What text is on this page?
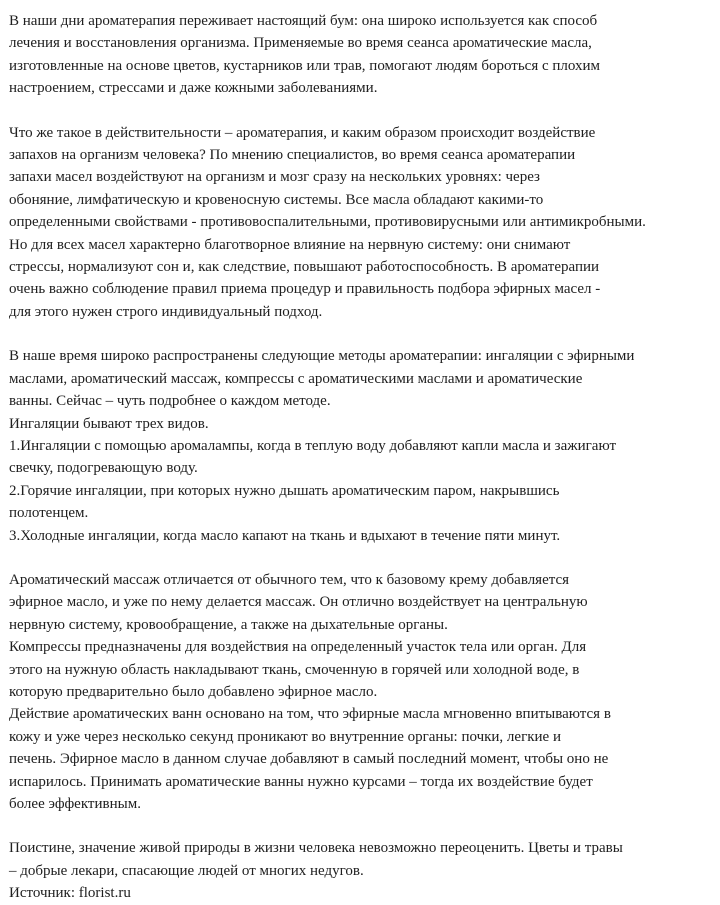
В наши дни ароматерапия переживает настоящий бум: она широко используется как способ
лечения и восстановления организма. Применяемые во время сеанса ароматические масла,
изготовленные на основе цветов, кустарников или трав, помогают людям бороться с плохим
настроением, стрессами и даже кожными заболеваниями.

Что же такое в действительности – ароматерапия, и каким образом происходит воздействие
запахов на организм человека? По мнению специалистов, во время сеанса ароматерапии
запахи масел воздействуют на организм и мозг сразу на нескольких уровнях: через
обоняние, лимфатическую и кровеносную системы. Все масла обладают какими-то
определенными свойствами - противовоспалительными, противовирусными или антимикробными.
Но для всех масел характерно благотворное влияние на нервную систему: они снимают
стрессы, нормализуют сон и, как следствие, повышают работоспособность. В ароматерапии
очень важно соблюдение правил приема процедур и правильность подбора эфирных масел -
для этого нужен строго индивидуальный подход.

В наше время широко распространены следующие методы ароматерапии: ингаляции с эфирными
маслами, ароматический массаж, компрессы с ароматическими маслами и ароматические
ванны. Сейчас – чуть подробнее о каждом методе.
Ингаляции бывают трех видов.
1.Ингаляции с помощью аромалампы, когда в теплую воду добавляют капли масла и зажигают
свечку, подогревающую воду.
2.Горячие ингаляции, при которых нужно дышать ароматическим паром, накрывшись
полотенцем.
3.Холодные ингаляции, когда масло капают на ткань и вдыхают в течение пяти минут.

Ароматический массаж отличается от обычного тем, что к базовому крему добавляется
эфирное масло, и уже по нему делается массаж. Он отлично воздействует на центральную
нервную систему, кровообращение, а также на дыхательные органы.
Компрессы предназначены для воздействия на определенный участок тела или орган. Для
этого на нужную область накладывают ткань, смоченную в горячей или холодной воде, в
которую предварительно было добавлено эфирное масло.
Действие ароматических ванн основано на том, что эфирные масла мгновенно впитываются в
кожу и уже через несколько секунд проникают во внутренние органы: почки, легкие и
печень. Эфирное масло в данном случае добавляют в самый последний момент, чтобы оно не
испарилось. Принимать ароматические ванны нужно курсами – тогда их воздействие будет
более эффективным.

Поистине, значение живой природы в жизни человека невозможно переоценить. Цветы и травы
– добрые лекари, спасающие людей от многих недугов.
Источник: florist.ru
